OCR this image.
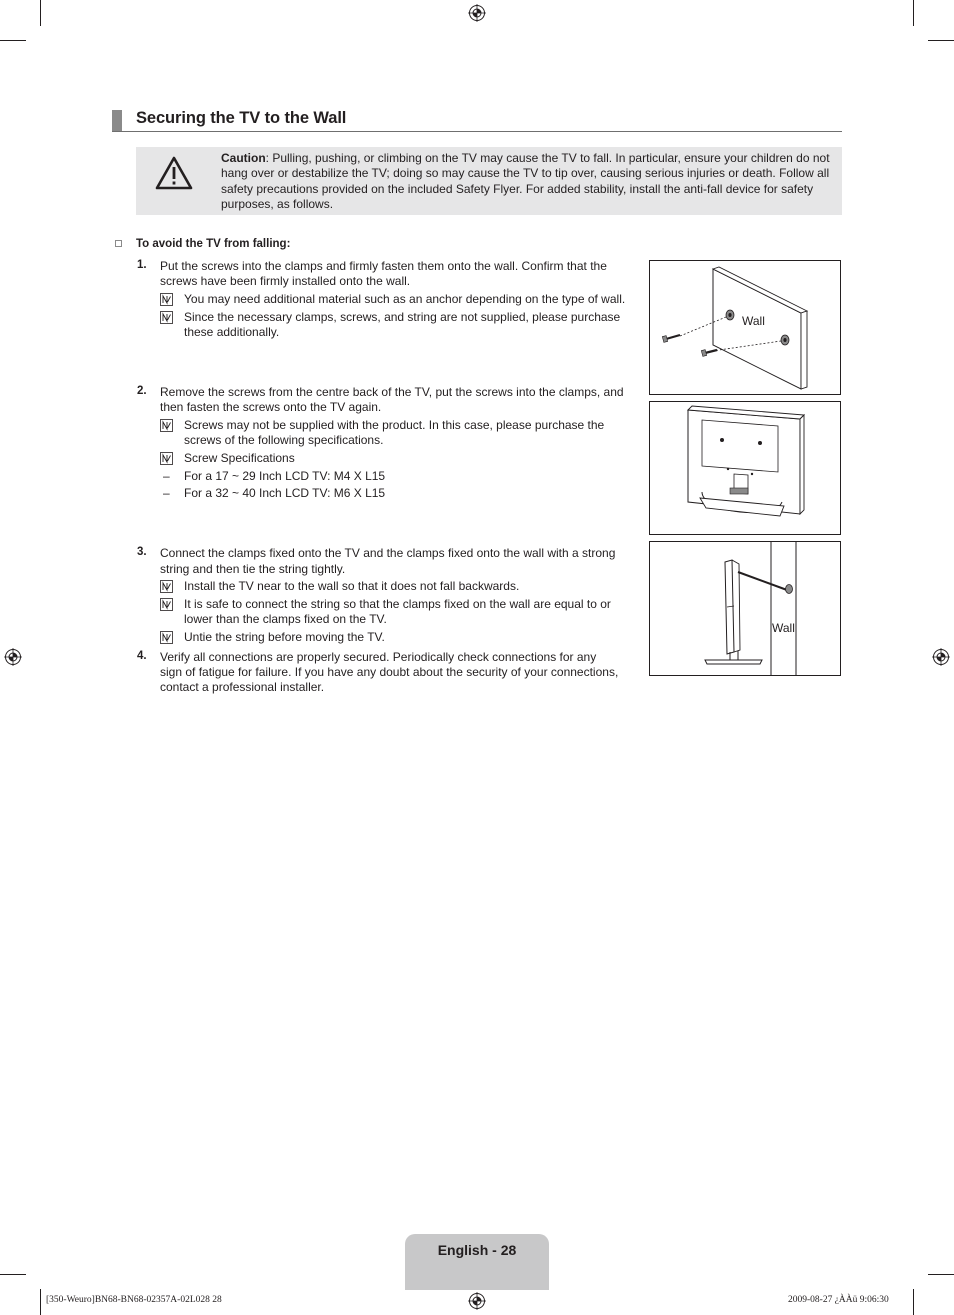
Securing the TV to the Wall
Caution: Pulling, pushing, or climbing on the TV may cause the TV to fall. In particular, ensure your children do not hang over or destabilize the TV; doing so may cause the TV to tip over, causing serious injuries or death. Follow all safety precautions provided on the included Safety Flyer. For added stability, install the anti-fall device for safety purposes, as follows.
To avoid the TV from falling:
1. Put the screws into the clamps and firmly fasten them onto the wall. Confirm that the
screws have been firmly installed onto the wall.
You may need additional material such as an anchor depending on the type of wall.
Since the necessary clamps, screws, and string are not supplied, please purchase
these additionally.
2. Remove the screws from the centre back of the TV, put the screws into the clamps, and
then fasten the screws onto the TV again.
Screws may not be supplied with the product. In this case, please purchase the
screws of the following specifications.
Screw Specifications
– For a 17 ~ 29 Inch LCD TV: M4 X L15
– For a 32 ~ 40 Inch LCD TV: M6 X L15
3. Connect the clamps fixed onto the TV and the clamps fixed onto the wall with a strong
string and then tie the string tightly.
Install the TV near to the wall so that it does not fall backwards.
It is safe to connect the string so that the clamps fixed on the wall are equal to or
lower than the clamps fixed on the TV.
Untie the string before moving the TV.
4. Verify all connections are properly secured. Periodically check connections for any
sign of fatigue for failure. If you have any doubt about the security of your connections,
contact a professional installer.
Wall
Wall
English - 28
[350-Weuro]BN68-BN68-02357A-02L028 28	2009-08-27 ¿ÀÀü 9:06:30
